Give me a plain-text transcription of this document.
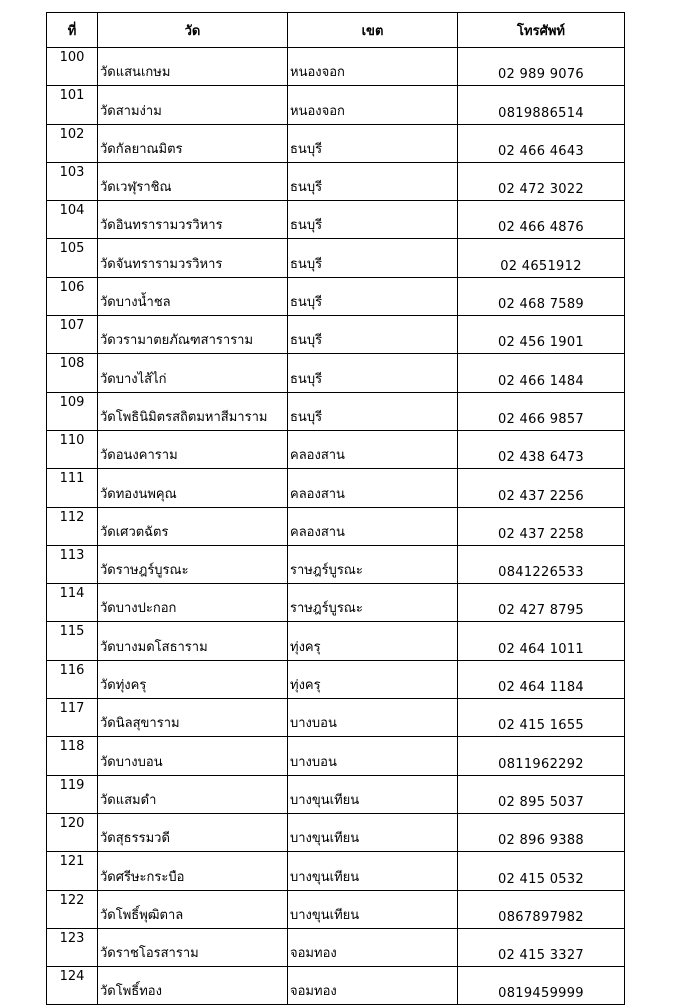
ที่	วัด	เขต	โทรศัพท์
100	วัดแสนเกษม	หนองจอก	02 989 9076
101	วัดสามง่าม	หนองจอก	0819886514
102	วัดกัลยาณมิตร	ธนบุรี	02 466 4643
103	วัดเวฬุราชิณ	ธนบุรี	02 472 3022
104	วัดอินทรารามวรวิหาร	ธนบุรี	02 466 4876
105	วัดจันทรารามวรวิหาร	ธนบุรี	02 4651912
106	วัดบางน้ำชล	ธนบุรี	02 468 7589
107	วัดวรามาตยภัณฑสาราราม	ธนบุรี	02 456 1901
108	วัดบางไส้ไก่	ธนบุรี	02 466 1484
109	วัดโพธินิมิตรสถิตมหาสีมาราม	ธนบุรี	02 466 9857
110	วัดอนงคาราม	คลองสาน	02 438 6473
111	วัดทองนพคุณ	คลองสาน	02 437 2256
112	วัดเศวตฉัตร	คลองสาน	02 437 2258
113	วัดราษฎร์บูรณะ	ราษฎร์บูรณะ	0841226533
114	วัดบางปะกอก	ราษฎร์บูรณะ	02 427 8795
115	วัดบางมดโสธาราม	ทุ่งครุ	02 464 1011
116	วัดทุ่งครุ	ทุ่งครุ	02 464 1184
117	วัดนิลสุขาราม	บางบอน	02 415 1655
118	วัดบางบอน	บางบอน	0811962292
119	วัดแสมดำ	บางขุนเทียน	02 895 5037
120	วัดสุธรรมวดี	บางขุนเทียน	02 896 9388
121	วัดศรีษะกระบือ	บางขุนเทียน	02 415 0532
122	วัดโพธิ์พุฒิตาล	บางขุนเทียน	0867897982
123	วัดราชโอรสาราม	จอมทอง	02 415 3327
124	วัดโพธิ์ทอง	จอมทอง	0819459999
